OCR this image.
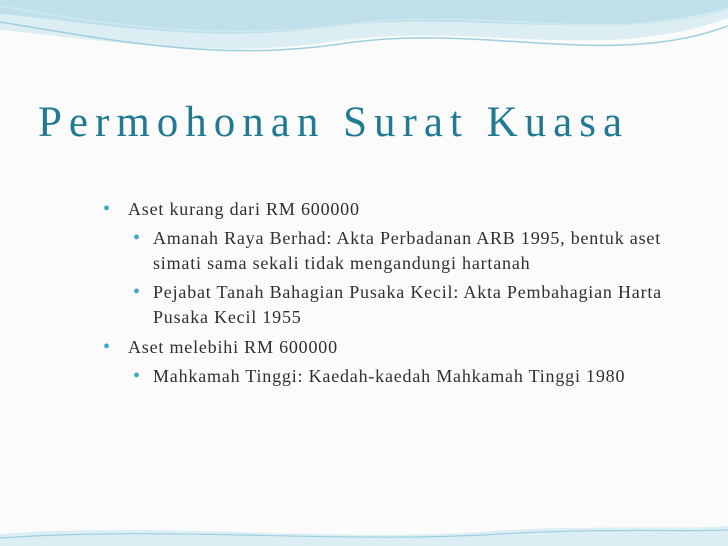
Permohonan Surat Kuasa
• Aset kurang dari RM 600000
• Amanah Raya Berhad: Akta Perbadanan ARB 1995, bentuk aset simati sama sekali tidak mengandungi hartanah
• Pejabat Tanah Bahagian Pusaka Kecil: Akta Pembahagian Harta Pusaka Kecil 1955
• Aset melebihi RM 600000
• Mahkamah Tinggi: Kaedah-kaedah Mahkamah Tinggi 1980
